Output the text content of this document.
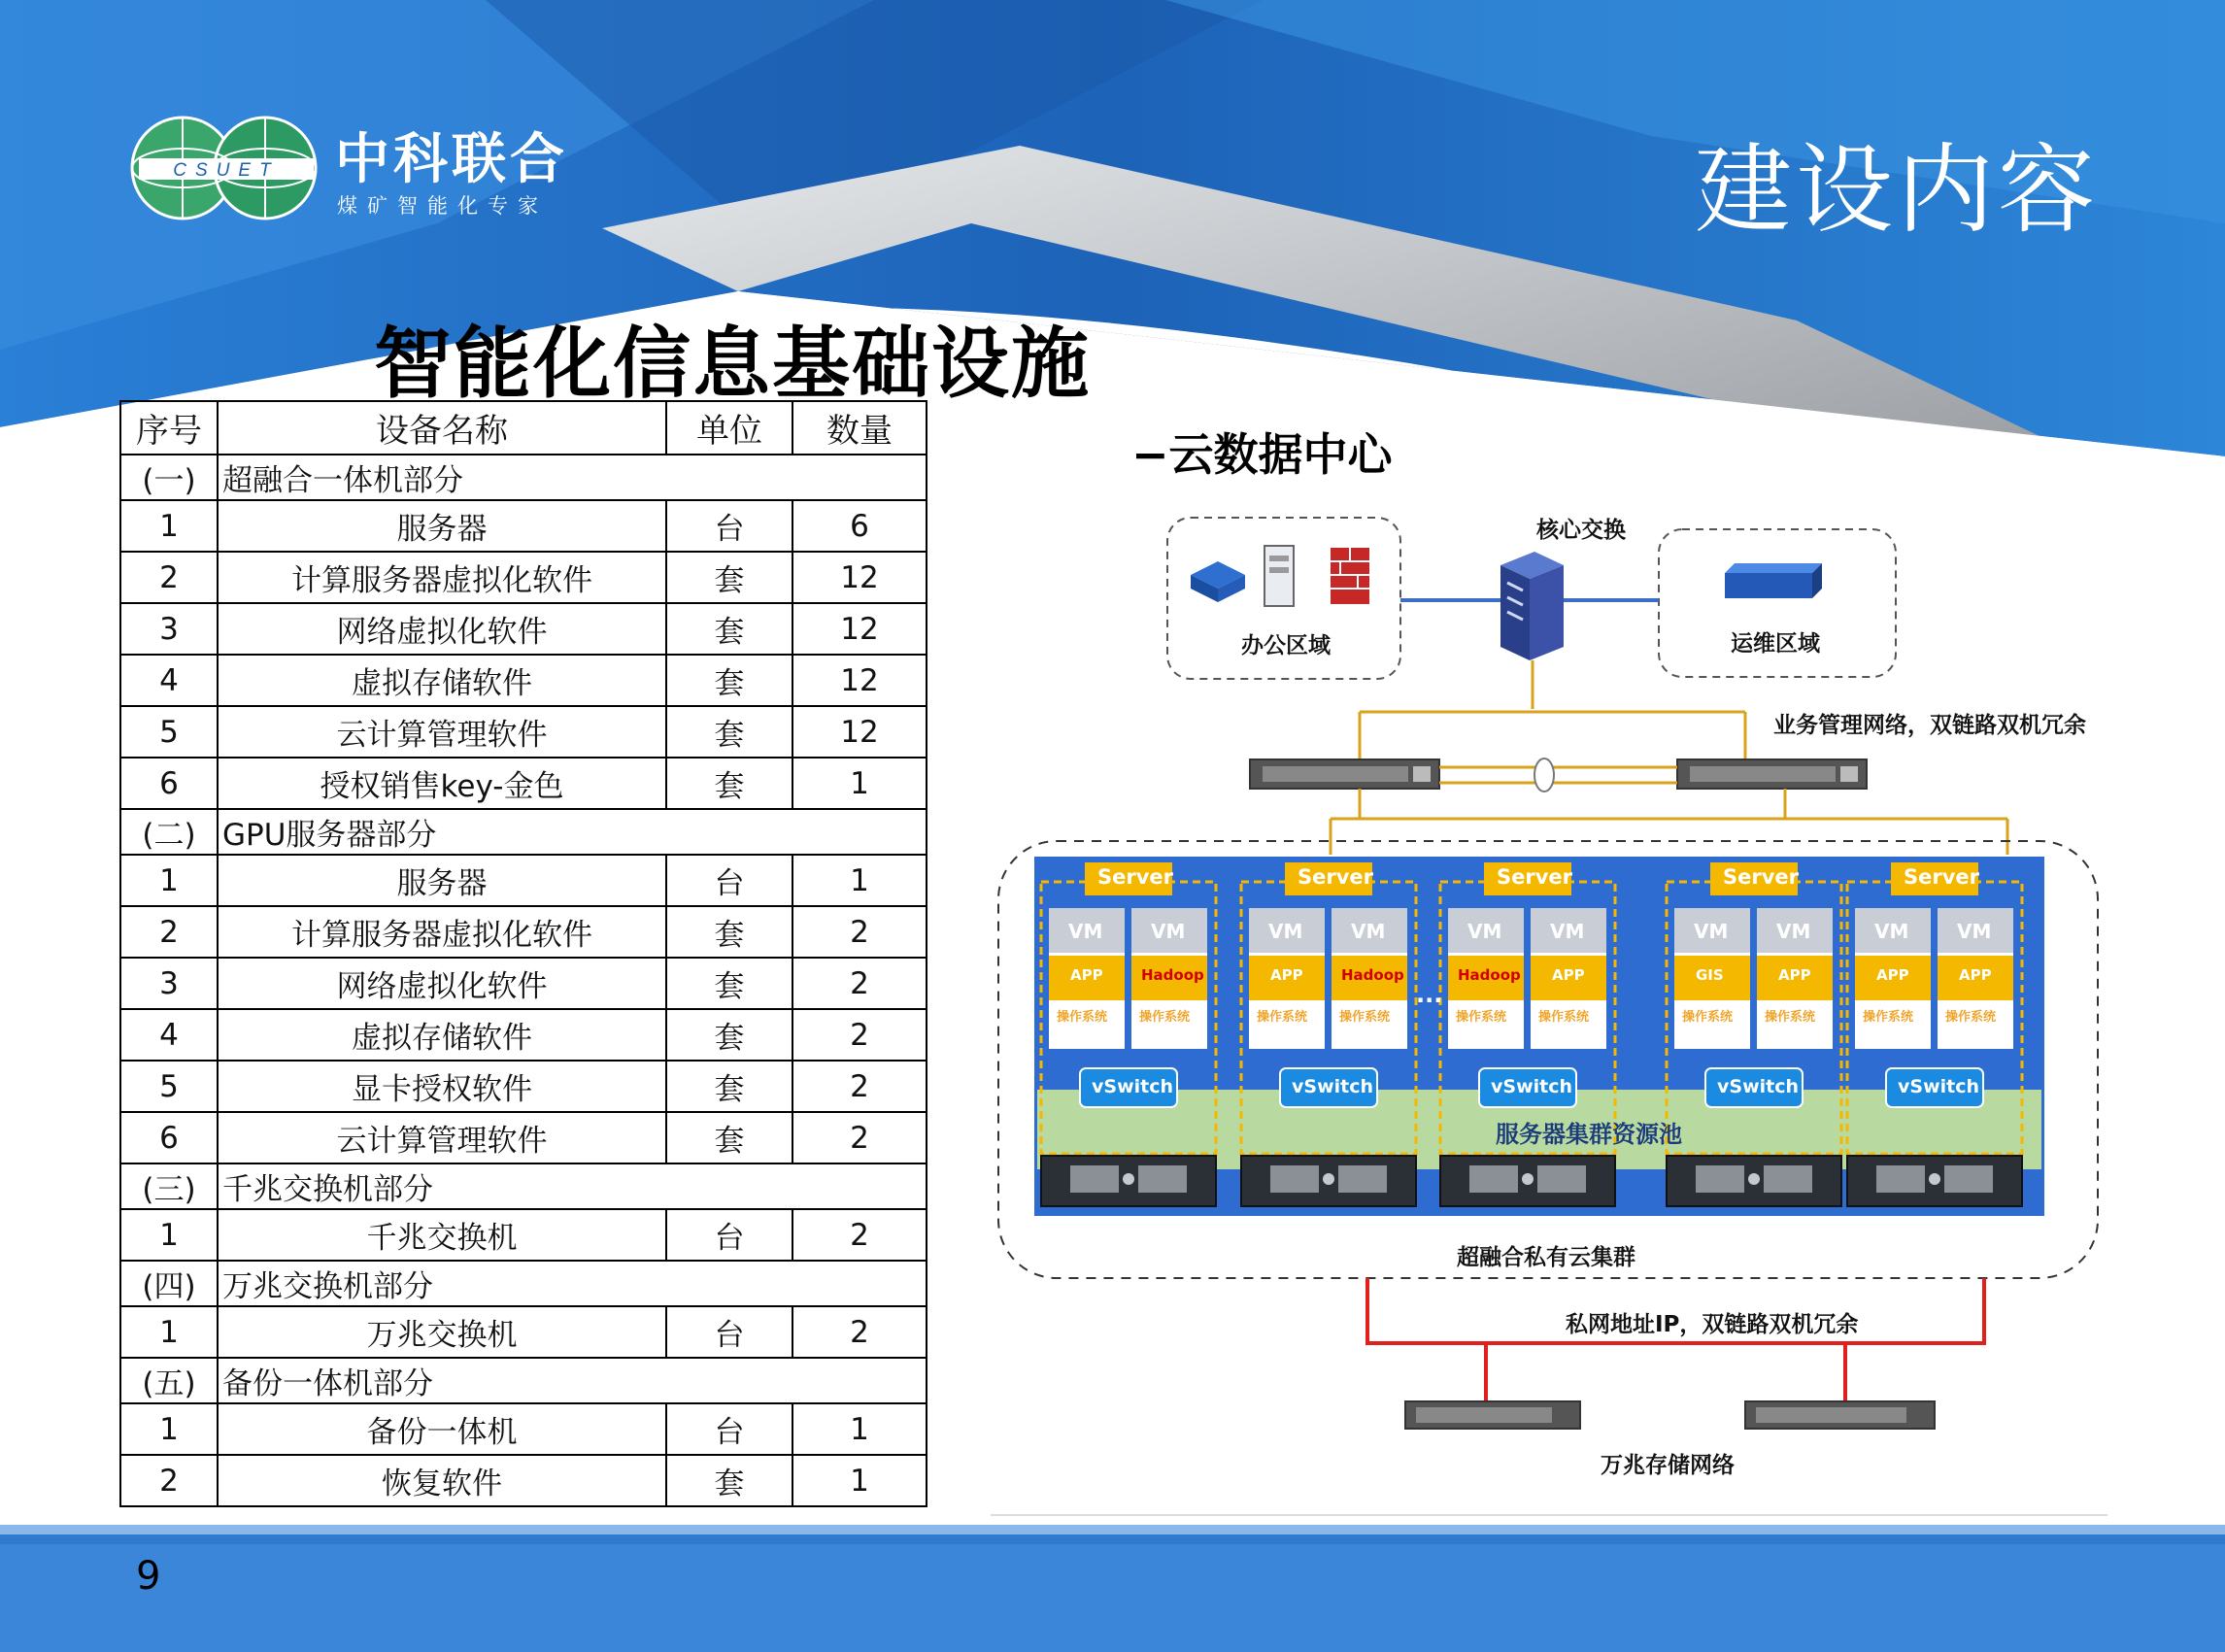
CSUET 中科联合
煤矿智能化专家	建设内容
智能化信息基础设施
序号	设备名称	单位	数量
(一)	超融合一体机部分		
1	服务器	台	6
2	计算服务器虚拟化软件	套	12
3	网络虚拟化软件	套	12
4	虚拟存储软件	套	12
5	云计算管理软件	套	12
6	授权销售key-金色	套	1
(二)	GPU服务器部分		
1	服务器	台	1
2	计算服务器虚拟化软件	套	2
3	网络虚拟化软件	套	2
4	虚拟存储软件	套	2
5	显卡授权软件	套	2
6	云计算管理软件	套	2
(三)	千兆交换机部分		
1	千兆交换机	台	2
(四)	万兆交换机部分		
1	万兆交换机	台	2
(五)	备份一体机部分		
1	备份一体机	台	1
2	恢复软件	套	1
−云数据中心
核心交换
办公区域	运维区域
业务管理网络，双链路双机冗余
超融合私有云集群
私网地址IP，双链路双机冗余
万兆存储网络
服务器集群资源池
...
Server
VM
APP
操作系统
VM
Hadoop
操作系统
vSwitch
Server
VM
APP
操作系统
VM
Hadoop
操作系统
vSwitch
Server
VM
Hadoop
操作系统
VM
APP
操作系统
vSwitch
Server
VM
GIS
操作系统
VM
APP
操作系统
vSwitch
Server
VM
APP
操作系统
VM
APP
操作系统
vSwitch
9
